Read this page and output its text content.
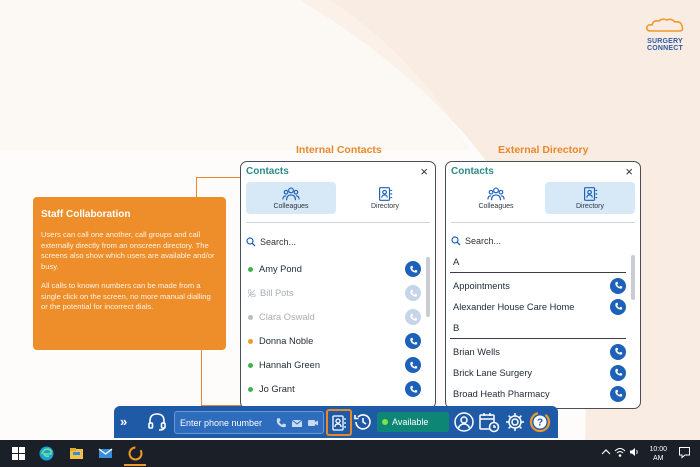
SURGERY
CONNECT
Internal Contacts	External Directory
Staff Collaboration

Users can call one another, call groups and call externally directly from an onscreen directory. The screens also show which users are available and/or busy.

All calls to known numbers can be made from a single click on the screen, no more manual dialling or the potential for incorrect dials.

Contacts	×
Colleagues	Directory
Search...
Amy Pond
Bill Pots
Clara Oswald
Donna Noble
Hannah Green
Jo Grant
Contacts	×
Colleagues	Directory
Search...
A
Appointments
Alexander House Care Home
B
Brian Wells
Brick Lane Surgery
Broad Heath Pharmacy
»	Enter phone number	Available	?
10:00
AM
